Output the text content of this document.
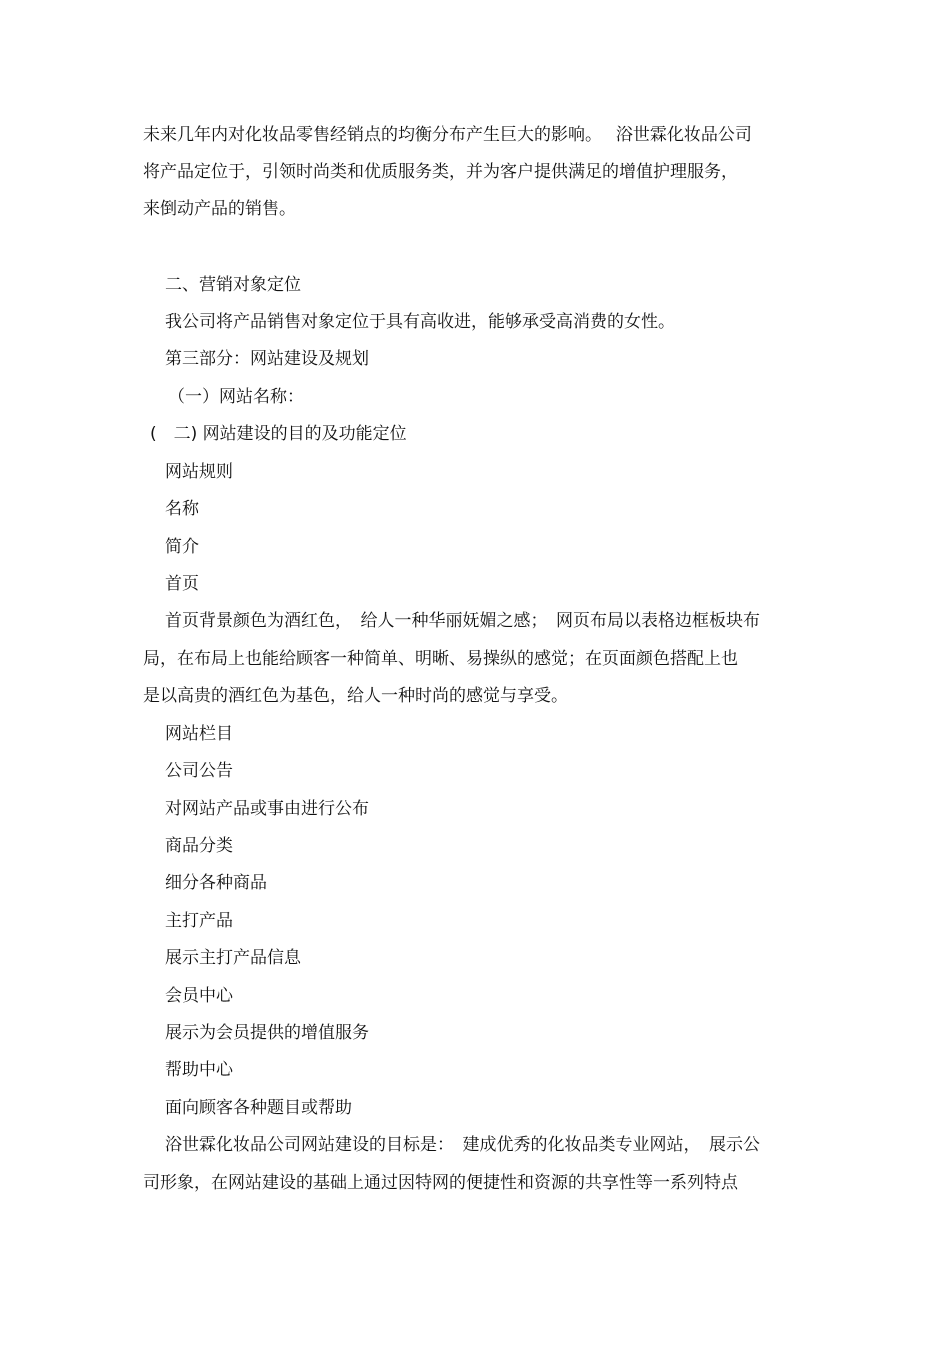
未来几年内对化妆品零售经销点的均衡分布产生巨大的影响。　 浴世霖化妆品公司
将产品定位于，引领时尚类和优质服务类，并为客户提供满足的增值护理服务，
来倒动产品的销售。
二、营销对象定位
我公司将产品销售对象定位于具有高收进，能够承受高消费的女性。
第三部分：网站建设及规划
（一）网站名称：
(　二) 网站建设的目的及功能定位
网站规则
名称
简介
首页
首页背景颜色为酒红色，　给人一种华丽妩媚之感；　网页布局以表格边框板块布
局，在布局上也能给顾客一种简单、明晰、易操纵的感觉；在页面颜色搭配上也
是以高贵的酒红色为基色，给人一种时尚的感觉与享受。
网站栏目
公司公告
对网站产品或事由进行公布
商品分类
细分各种商品
主打产品
展示主打产品信息
会员中心
展示为会员提供的增值服务
帮助中心
面向顾客各种题目或帮助
浴世霖化妆品公司网站建设的目标是：　建成优秀的化妆品类专业网站，　展示公
司形象，在网站建设的基础上通过因特网的便捷性和资源的共享性等一系列特点
